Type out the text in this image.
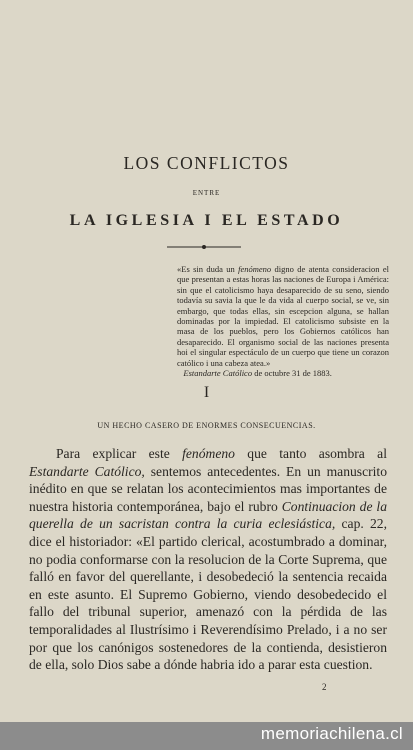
LOS CONFLICTOS
ENTRE
LA IGLESIA I EL ESTADO

«Es sin duda un fenómeno digno de atenta consideracion el que presentan a estas horas las naciones de Europa i América: sin que el catolicismo haya desaparecido de su seno, siendo todavía su savia la que le da vida al cuerpo social, se ve, sin embargo, que todas ellas, sin escepcion alguna, se hallan dominadas por la impiedad. El catolicismo subsiste en la masa de los pueblos, pero los Gobiernos católicos han desaparecido. El organismo social de las naciones presenta hoi el singular espectáculo de un cuerpo que tiene un corazon católico i una cabeza atea.»

Estandarte Católico de octubre 31 de 1883.

I
UN HECHO CASERO DE ENORMES CONSECUENCIAS.

Para explicar este fenómeno que tanto asombra al Estandarte Católico, sentemos antecedentes. En un manuscrito inédito en que se relatan los acontecimientos mas importantes de nuestra historia contemporánea, bajo el rubro Continuacion de la querella de un sacristan contra la curia eclesiástica, cap. 22, dice el historiador: «El partido clerical, acostumbrado a dominar, no podia conformarse con la resolucion de la Corte Suprema, que falló en favor del querellante, i desobedeció la sentencia recaida en este asunto. El Supremo Gobierno, viendo desobedecido el fallo del tribunal superior, amenazó con la pérdida de las temporalidades al Ilustrísimo i Reverendísimo Prelado, i a no ser por que los canónigos sostenedores de la contienda, desistieron de ella, solo Dios sabe a dónde habria ido a parar esta cuestion.

2
memoriachilena.cl
